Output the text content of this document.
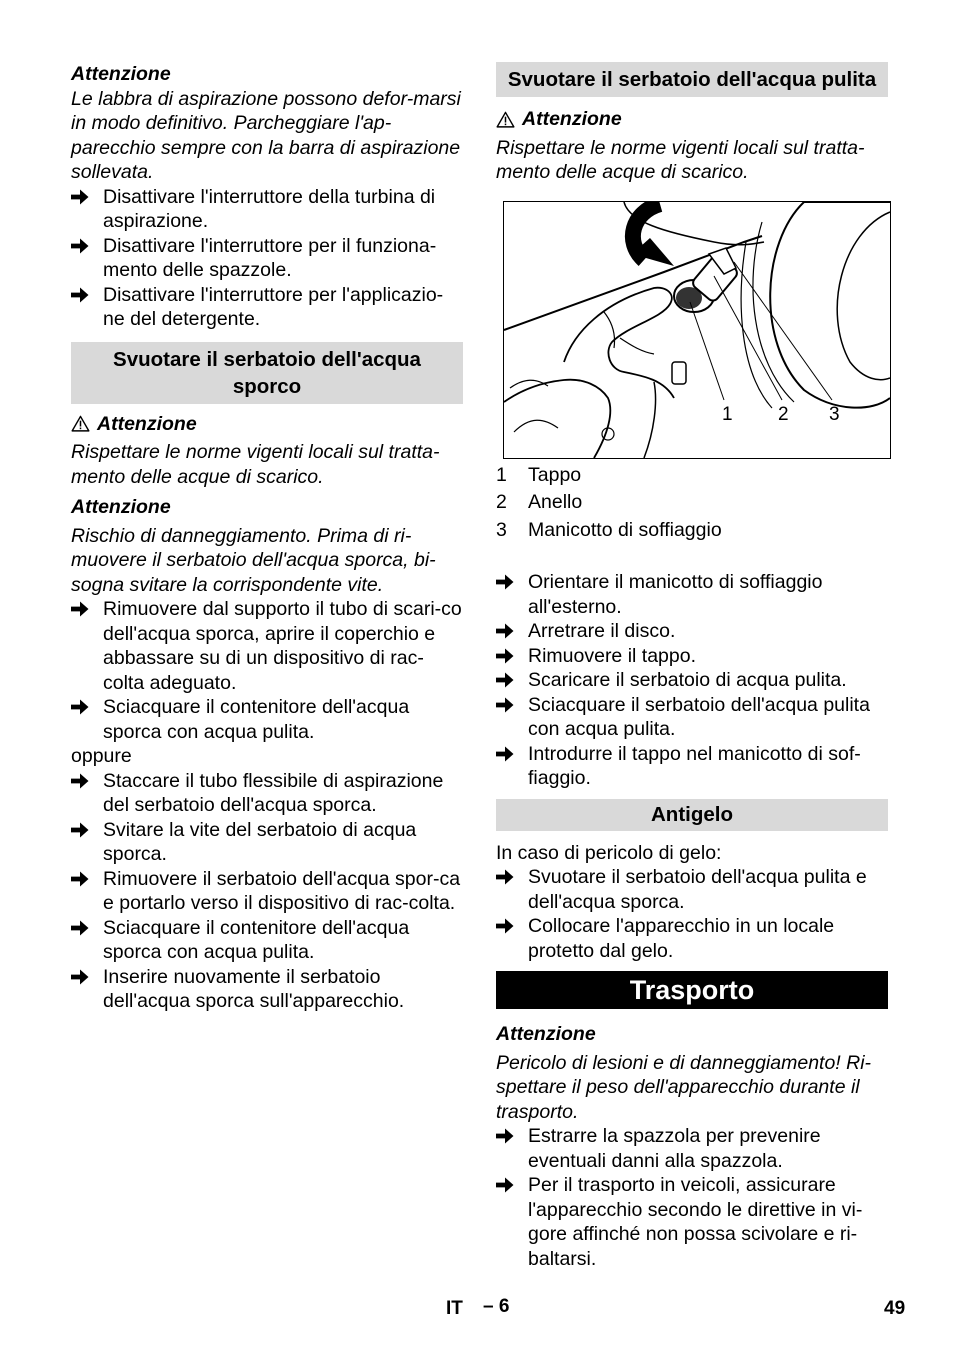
Attenzione

Le labbra di aspirazione possono defor-marsi in modo definitivo. Parcheggiare l'ap-parecchio sempre con la barra di aspirazione sollevata.

Disattivare l'interruttore della turbina di aspirazione.
Disattivare l'interruttore per il funziona-mento delle spazzole.
Disattivare l'interruttore per l'applicazio-ne del detergente.
Svuotare il serbatoio dell'acqua sporco
Attenzione

Rispettare le norme vigenti locali sul tratta-mento delle acque di scarico.

Attenzione

Rischio di danneggiamento. Prima di ri-muovere il serbatoio dell'acqua sporca, bi-sogna svitare la corrispondente vite.

Rimuovere dal supporto il tubo di scari-co dell'acqua sporca, aprire il coperchio e abbassare su di un dispositivo di rac-colta adeguato.
Sciacquare il contenitore dell'acqua sporca con acqua pulita.
oppure
Staccare il tubo flessibile di aspirazione del serbatoio dell'acqua sporca.
Svitare la vite del serbatoio di acqua sporca.
Rimuovere il serbatoio dell'acqua spor-ca e portarlo verso il dispositivo di rac-colta.
Sciacquare il contenitore dell'acqua sporca con acqua pulita.
Inserire nuovamente il serbatoio dell'acqua sporca sull'apparecchio.
Svuotare il serbatoio dell'acqua pulita
Attenzione

Rispettare le norme vigenti locali sul tratta-mento delle acque di scarico.

1 2 3
1	Tappo
2	Anello
3	Manicotto di soffiaggio
Orientare il manicotto di soffiaggio all'esterno.
Arretrare il disco.
Rimuovere il tappo.
Scaricare il serbatoio di acqua pulita.
Sciacquare il serbatoio dell'acqua pulita con acqua pulita.
Introdurre il tappo nel manicotto di sof-fiaggio.
Antigelo
In caso di pericolo di gelo:
Svuotare il serbatoio dell'acqua pulita e dell'acqua sporca.
Collocare l'apparecchio in un locale protetto dal gelo.
Trasporto
Attenzione

Pericolo di lesioni e di danneggiamento! Ri-spettare il peso dell'apparecchio durante il trasporto.

Estrarre la spazzola per prevenire eventuali danni alla spazzola.
Per il trasporto in veicoli, assicurare l'apparecchio secondo le direttive in vi-gore affinché non possa scivolare e ri-baltarsi.
IT – 6	49
